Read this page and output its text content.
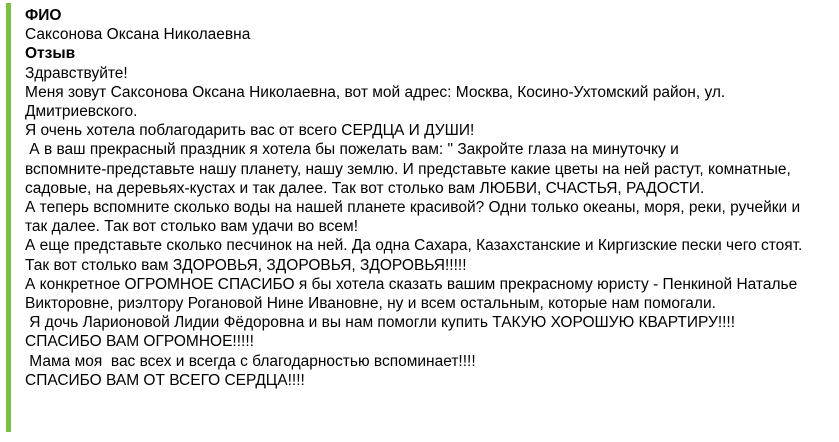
ФИО
Саксонова Оксана Николаевна
Отзыв
Здравствуйте!
Меня зовут Саксонова Оксана Николаевна, вот мой адрес: Москва, Косино-Ухтомский район, ул.
Дмитриевского.
Я очень хотела поблагодарить вас от всего СЕРДЦА И ДУШИ!
А в ваш прекрасный праздник я хотела бы пожелать вам: " Закройте глаза на минуточку и
вспомните-представьте нашу планету, нашу землю. И представьте какие цветы на ней растут, комнатные,
садовые, на деревьях-кустах и так далее. Так вот столько вам ЛЮБВИ, СЧАСТЬЯ, РАДОСТИ.
А теперь вспомните сколько воды на нашей планете красивой? Одни только океаны, моря, реки, ручейки и
так далее. Так вот столько вам удачи во всем!
А еще представьте сколько песчинок на ней. Да одна Сахара, Казахстанские и Киргизские пески чего стоят.
Так вот столько вам ЗДОРОВЬЯ, ЗДОРОВЬЯ, ЗДОРОВЬЯ!!!!!
А конкретное ОГРОМНОЕ СПАСИБО я бы хотела сказать вашим прекрасному юристу - Пенкиной Наталье
Викторовне, риэлтору Рогановой Нине Ивановне, ну и всем остальным, которые нам помогали.
Я дочь Ларионовой Лидии Фёдоровна и вы нам помогли купить ТАКУЮ ХОРОШУЮ КВАРТИРУ!!!!
СПАСИБО ВАМ ОГРОМНОЕ!!!!!
Мама моя  вас всех и всегда с благодарностью вспоминает!!!!
СПАСИБО ВАМ ОТ ВСЕГО СЕРДЦА!!!!
